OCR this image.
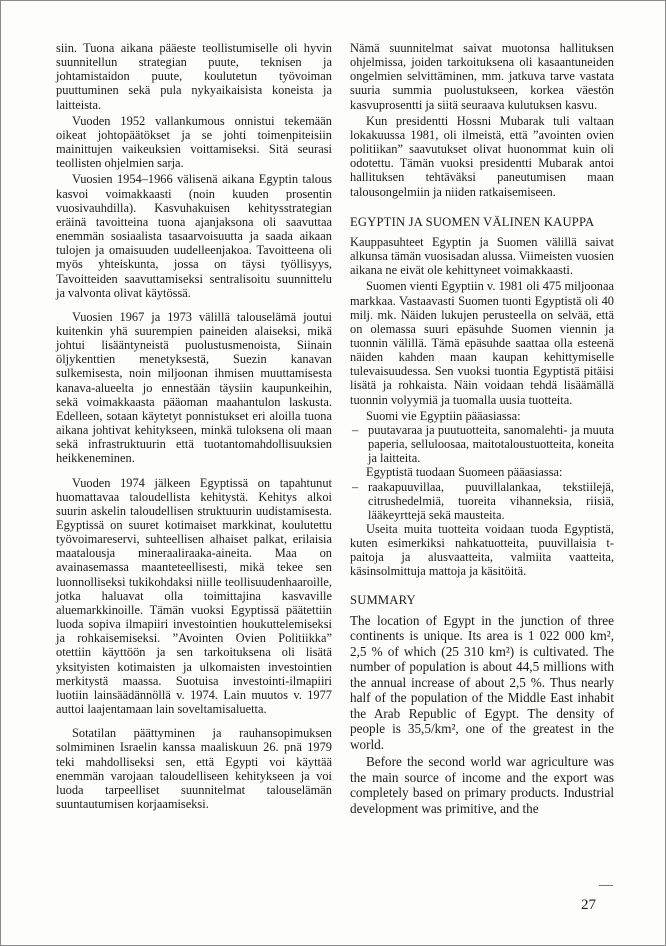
siin. Tuona aikana pääeste teollistumiselle oli hyvin suunnitellun strategian puute, teknisen ja johtamistaidon puute, koulutetun työvoiman puuttuminen sekä pula nykyaikaisista koneista ja laitteista.

Vuoden 1952 vallankumous onnistui tekemään oikeat johtopäätökset ja se johti toimenpiteisiin mainittujen vaikeuksien voittamiseksi. Sitä seurasi teollisten ohjelmien sarja.

Vuosien 1954–1966 välisenä aikana Egyptin talous kasvoi voimakkaasti (noin kuuden prosentin vuosivauhdilla). Kasvuhakuisen kehitysstrategian eräinä tavoitteina tuona ajanjaksona oli saavuttaa enemmän sosiaalista tasaarvoisuutta ja saada aikaan tulojen ja omaisuuden uudelleenjakoa. Tavoitteena oli myös yhteiskunta, jossa on täysi työllisyys, Tavoitteiden saavuttamiseksi sentralisoitu suunnittelu ja valvonta olivat käytössä.

Vuosien 1967 ja 1973 välillä talouselämä joutui kuitenkin yhä suurempien paineiden alaiseksi, mikä johtui lisääntyneistä puolustusmenoista, Siinain öljykenttien menetyksestä, Suezin kanavan sulkemisesta, noin miljoonan ihmisen muuttamisesta kanava-alueelta jo ennestään täysiin kaupunkeihin, sekä voimakkaasta pääoman maahantulon laskusta. Edelleen, sotaan käytetyt ponnistukset eri aloilla tuona aikana johtivat kehitykseen, minkä tuloksena oli maan sekä infrastruktuurin että tuotantomahdollisuuksien heikkeneminen.

Vuoden 1974 jälkeen Egyptissä on tapahtunut huomattavaa taloudellista kehitystä. Kehitys alkoi suurin askelin taloudellisen struktuurin uudistamisesta. Egyptissä on suuret kotimaiset markkinat, koulutettu työvoimareservi, suhteellisen alhaiset palkat, erilaisia maatalousja mineraaliraaka-aineita. Maa on avainasemassa maanteteellisesti, mikä tekee sen luonnolliseksi tukikohdaksi niille teollisuudenhaaroille, jotka haluavat olla toimittajina kasvaville aluemarkkinoille. Tämän vuoksi Egyptissä päätettiin luoda sopiva ilmapiiri investointien houkuttelemiseksi ja rohkaisemiseksi. ”Avointen Ovien Politiikka” otettiin käyttöön ja sen tarkoituksena oli lisätä yksityisten kotimaisten ja ulkomaisten investointien merkitystä maassa. Suotuisa investointi-ilmapiiri luotiin lainsäädännöllä v. 1974. Lain muutos v. 1977 auttoi laajentamaan lain soveltamisaluetta.

Sotatilan päättyminen ja rauhansopimuksen solmiminen Israelin kanssa maaliskuun 26. pnä 1979 teki mahdolliseksi sen, että Egypti voi käyttää enemmän varojaan taloudelliseen kehitykseen ja voi luoda tarpeelliset suunnitelmat talouselämän suuntautumisen korjaamiseksi.

Nämä suunnitelmat saivat muotonsa hallituksen ohjelmissa, joiden tarkoituksena oli kasaantuneiden ongelmien selvittäminen, mm. jatkuva tarve vastata suuria summia puolustukseen, korkea väestön kasvuprosentti ja siitä seuraava kulutuksen kasvu.

Kun presidentti Hossni Mubarak tuli valtaan lokakuussa 1981, oli ilmeistä, että ”avointen ovien politiikan” saavutukset olivat huonommat kuin oli odotettu. Tämän vuoksi presidentti Mubarak antoi hallituksen tehtäväksi paneutumisen maan talousongelmiin ja niiden ratkaisemiseen.

EGYPTIN JA SUOMEN VÄLINEN KAUPPA

Kauppasuhteet Egyptin ja Suomen välillä saivat alkunsa tämän vuosisadan alussa. Viimeisten vuosien aikana ne eivät ole kehittyneet voimakkaasti.

Suomen vienti Egyptiin v. 1981 oli 475 miljoonaa markkaa. Vastaavasti Suomen tuonti Egyptistä oli 40 milj. mk. Näiden lukujen perusteella on selvää, että on olemassa suuri epäsuhde Suomen viennin ja tuonnin välillä. Tämä epäsuhde saattaa olla esteenä näiden kahden maan kaupan kehittymiselle tulevaisuudessa. Sen vuoksi tuontia Egyptistä pitäisi lisätä ja rohkaista. Näin voidaan tehdä lisäämällä tuonnin volyymiä ja tuomalla uusia tuotteita.

Suomi vie Egyptiin pääasiassa:

– puutavaraa ja puutuotteita, sanomalehti- ja muuta paperia, selluloosaa, maitotaloustuotteita, koneita ja laitteita.

Egyptistä tuodaan Suomeen pääasiassa:

– raakapuuvillaa, puuvillalankaa, tekstiilejä, citrushedelmiä, tuoreita vihanneksia, riisiä, lääkeyrttejä sekä mausteita.

Useita muita tuotteita voidaan tuoda Egyptistä, kuten esimerkiksi nahkatuotteita, puuvillaisia t-paitoja ja alusvaatteita, valmiita vaatteita, käsinsolmittuja mattoja ja käsitöitä.

SUMMARY

The location of Egypt in the junction of three continents is unique. Its area is 1 022 000 km², 2,5 % of which (25 310 km²) is cultivated. The number of population is about 44,5 millions with the annual increase of about 2,5 %. Thus nearly half of the population of the Middle East inhabit the Arab Republic of Egypt. The density of people is 35,5/km², one of the greatest in the world.

Before the second world war agriculture was the main source of income and the export was completely based on primary products. Industrial development was primitive, and the

27
